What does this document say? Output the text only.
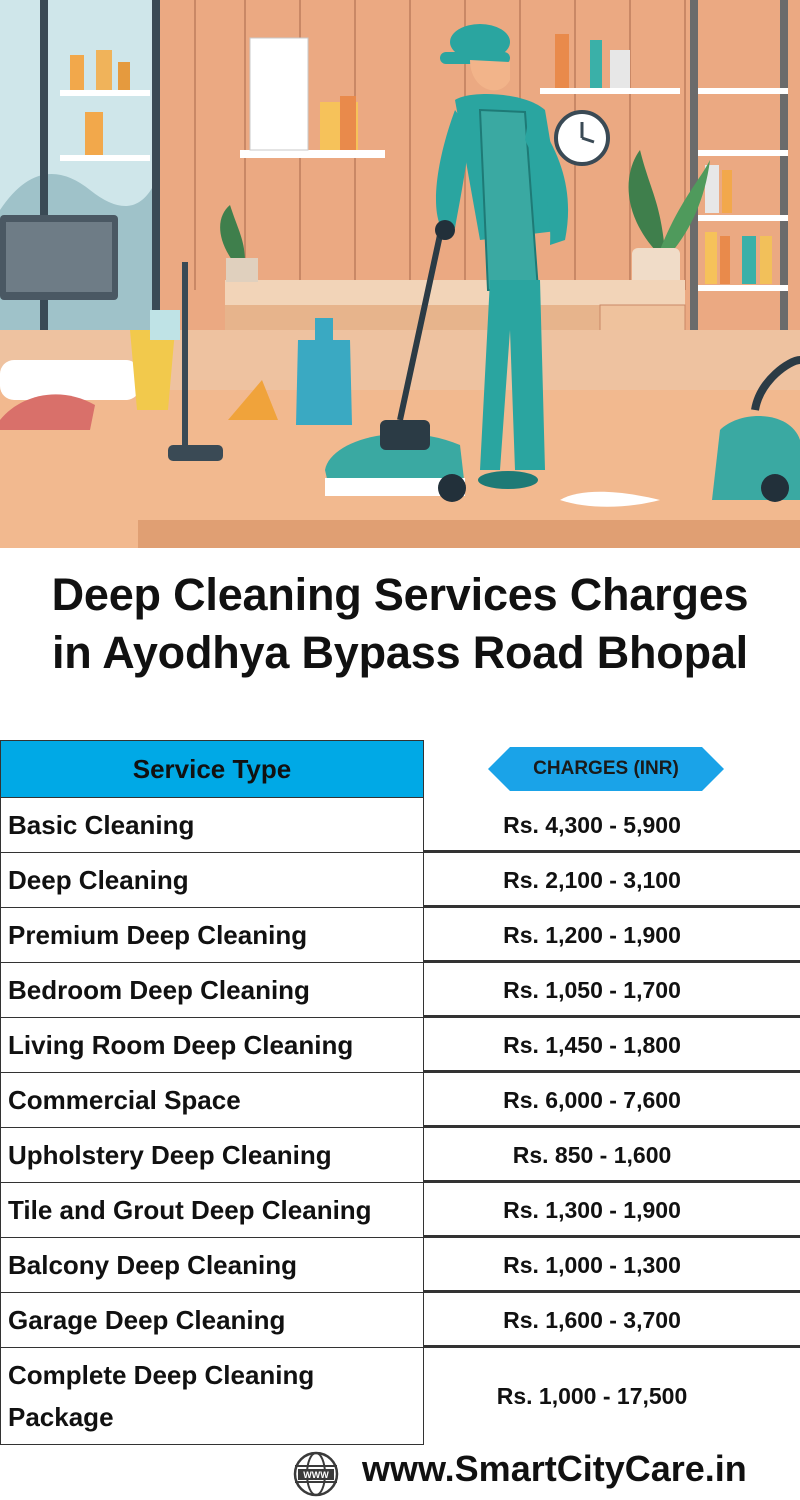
Deep Cleaning Services Charges
in Ayodhya Bypass Road Bhopal
Service Type	CHARGES (INR)
Basic Cleaning	Rs. 4,300 - 5,900
Deep Cleaning	Rs. 2,100 - 3,100
Premium Deep Cleaning	Rs. 1,200 - 1,900
Bedroom Deep Cleaning	Rs. 1,050 - 1,700
Living Room Deep Cleaning	Rs. 1,450 - 1,800
Commercial Space	Rs. 6,000 - 7,600
Upholstery Deep Cleaning	Rs. 850 - 1,600
Tile and Grout Deep Cleaning	Rs. 1,300 - 1,900
Balcony Deep Cleaning	Rs. 1,000 - 1,300
Garage Deep Cleaning	Rs. 1,600 - 3,700
Complete Deep Cleaning
Package
Rs. 1,000 - 17,500
WWW www.SmartCityCare.in
